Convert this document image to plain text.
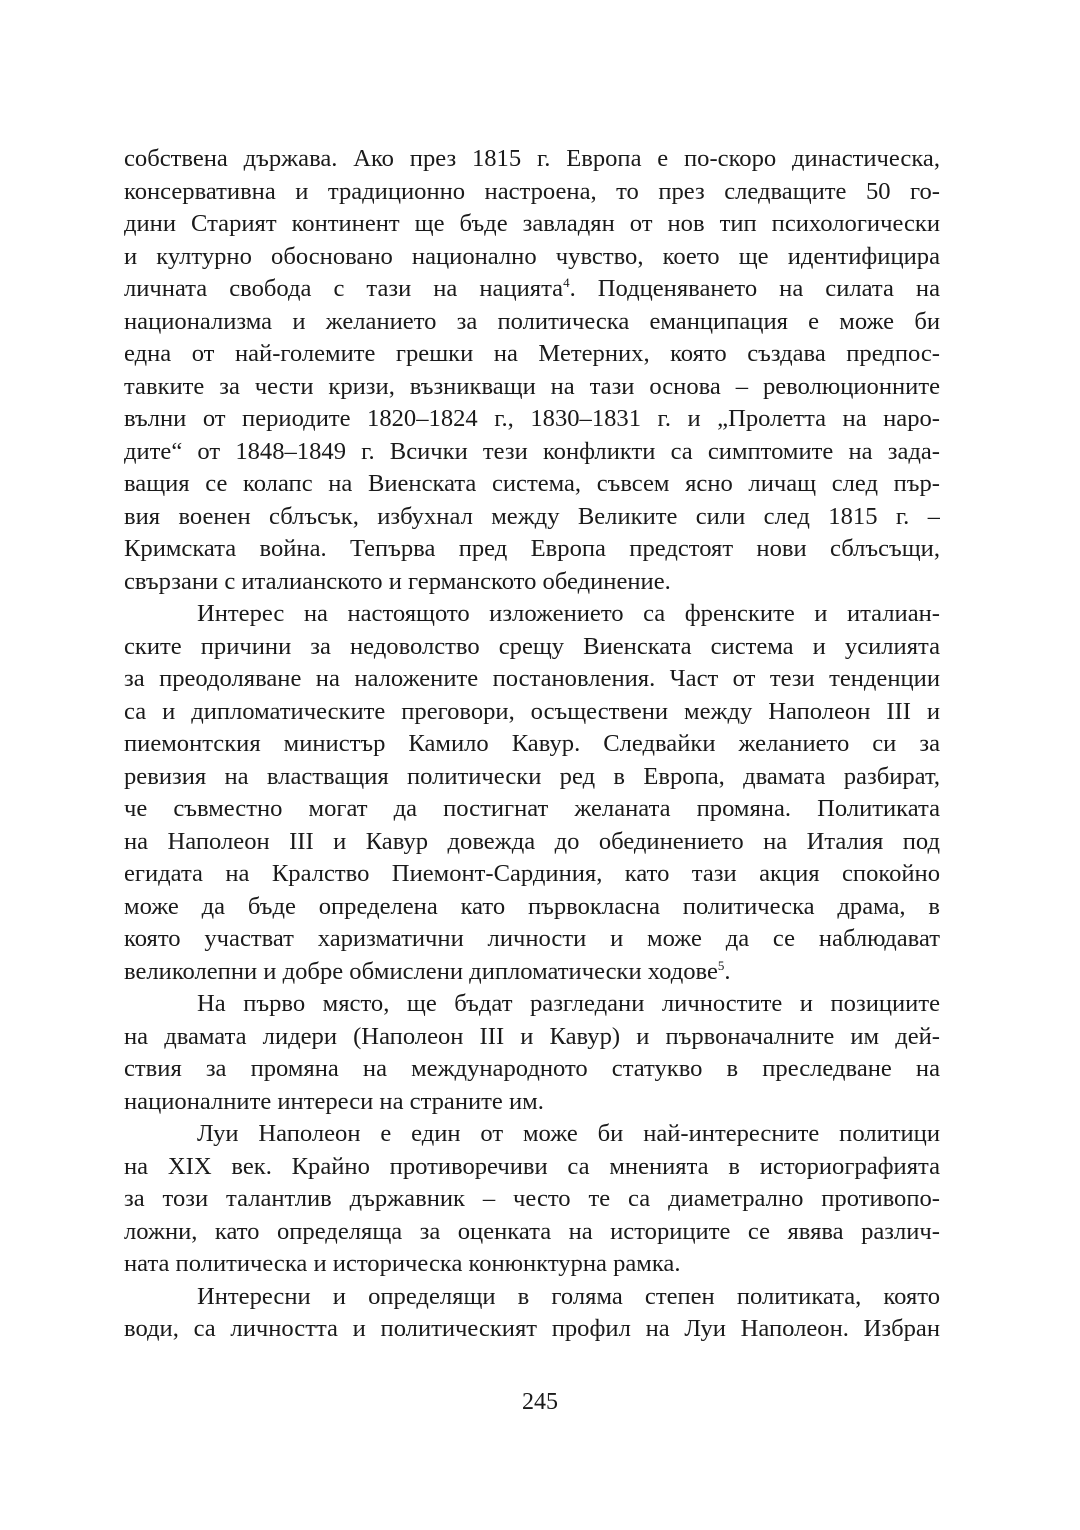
собствена държава. Ако през 1815 г. Европа е по-скоро династическа,
консервативна и традиционно настроена, то през следващите 50 го-
дини Старият континент ще бъде завладян от нов тип психологически
и културно обосновано национално чувство, което ще идентифицира
личната свобода с тази на нацията$^4$. Подценяването на силата на
национализма и желанието за политическа еманципация е може би
една от най-големите грешки на Метерних, която създава предпос-
тавките за чести кризи, възникващи на тази основа – революционните
вълни от периодите 1820–1824 г., 1830–1831 г. и „Пролетта на наро-
дите“ от 1848–1849 г. Всички тези конфликти са симптомите на зада-
ващия се колапс на Виенската система, съвсем ясно личащ след пър-
вия военен сблъсък, избухнал между Великите сили след 1815 г. –
Кримската война. Тепърва пред Европа предстоят нови сблъсъщи,
свързани с италианското и германското обединение.
Интерес на настоящото изложението са френските и италиан-
ските причини за недоволство срещу Виенската система и усилията
за преодоляване на наложените постановления. Част от тези тенденции
са и дипломатическите преговори, осъществени между Наполеон III и
пиемонтския министър Камило Кавур. Следвайки желанието си за
ревизия на властващия политически ред в Европа, двамата разбират,
че съвместно могат да постигнат желаната промяна. Политиката
на Наполеон III и Кавур довежда до обединението на Италия под
егидата на Кралство Пиемонт-Сардиния, като тази акция спокойно
може да бъде определена като първокласна политическа драма, в
която участват харизматични личности и може да се наблюдават
великолепни и добре обмислени дипломатически ходове$^5$.
На първо място, ще бъдат разгледани личностите и позициите
на двамата лидери (Наполеон III и Кавур) и първоначалните им дей-
ствия за промяна на международното статукво в преследване на
националните интереси на страните им.
Луи Наполеон е един от може би най-интересните политици
на XIX век. Крайно противоречиви са мненията в историографията
за този талантлив държавник – често те са диаметрално противопо-
ложни, като определяща за оценката на историците се явява различ-
ната политическа и историческа конюнктурна рамка.
Интересни и определящи в голяма степен политиката, която
води, са личността и политическият профил на Луи Наполеон. Избран
245
